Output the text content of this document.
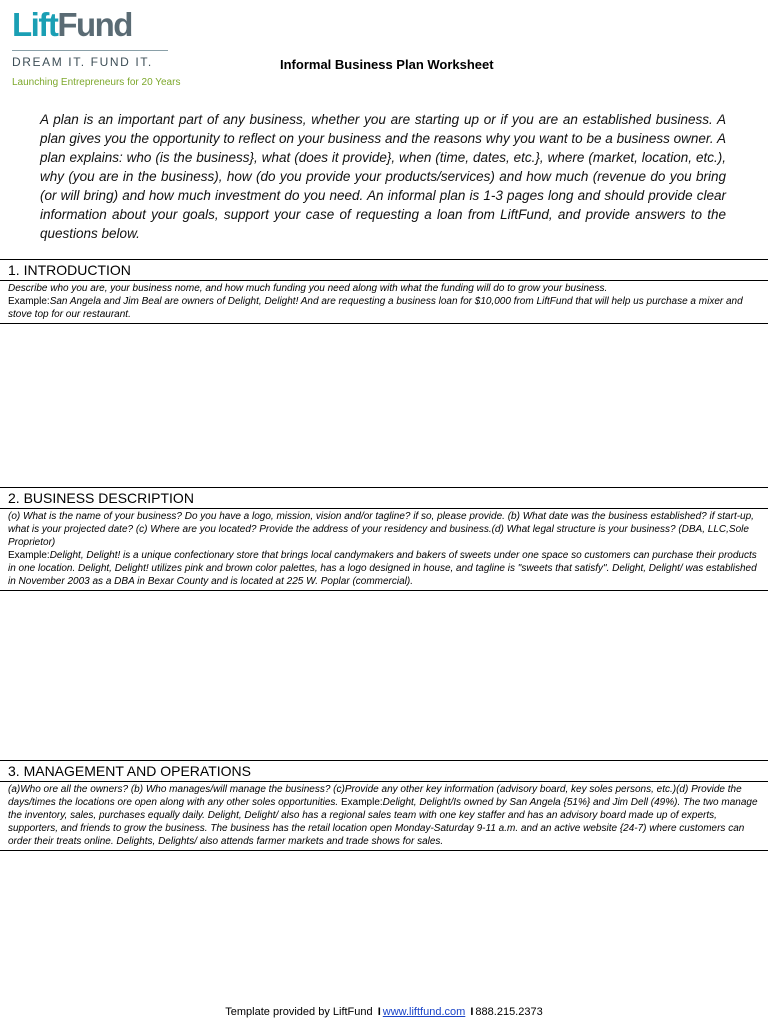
LiftFund
DREAM IT. FUND IT.
Launching Entrepreneurs for 20 Years
Informal Business Plan Worksheet
A plan is an important part of any business, whether you are starting up or if you are an established business. A plan gives you the opportunity to reflect on your business and the reasons why you want to be a business owner. A plan explains: who (is the business}, what (does it provide}, when (time, dates, etc.}, where (market, location, etc.), why (you are in the business), how (do you provide your products/services) and how much (revenue do you bring (or will bring) and how much investment do you need. An informal plan is 1-3 pages long and should provide clear information about your goals, support your case of requesting a loan from LiftFund, and provide answers to the questions below.
1. INTRODUCTION
Describe who you are, your business nome, and how much funding you need along with what the funding will do to grow your business.
Example:San Angela and Jim Beal are owners of Delight, Delight! And are requesting a business loan for $10,000 from LiftFund that will help us purchase a mixer and stove top for our restaurant.
2. BUSINESS DESCRIPTION
(o) What is the name of your business? Do you have a logo, mission, vision and/or tagline? if so, please provide. (b) What date was the business established? if start-up, what is your projected date? (c) Where are you located? Provide the address of your residency and business.(d) What legal structure is your business? (DBA, LLC,Sole Proprietor)
Example:Delight, Delight! is a unique confectionary store that brings local candymakers and bakers of sweets under one space so customers can purchase their products in one location. Delight, Delight! utilizes pink and brown color palettes, has a logo designed in house, and tagline is "sweets that satisfy". Delight, Delight/ was established in November 2003 as a DBA in Bexar County and is located at 225 W. Poplar (commercial).
3. MANAGEMENT AND OPERATIONS
(a)Who ore all the owners? (b) Who manages/will manage the business? (c)Provide any other key information (advisory board, key soles persons, etc.)(d) Provide the days/times the locations ore open along with any other soles opportunities. Example:Delight, Delight/Is owned by San Angela {51%} and Jim Dell (49%). The two manage the inventory, sales, purchases equally daily. Delight, Delight/ also has a regional sales team with one key staffer and has an advisory board made up of experts, supporters, and friends to grow the business. The business has the retail location open Monday-Saturday 9-11 a.m. and an active website {24-7) where customers can order their treats online. Delights, Delights/ also attends farmer markets and trade shows for sales.
Template provided by LiftFund I www.liftfund.com I 888.215.2373
